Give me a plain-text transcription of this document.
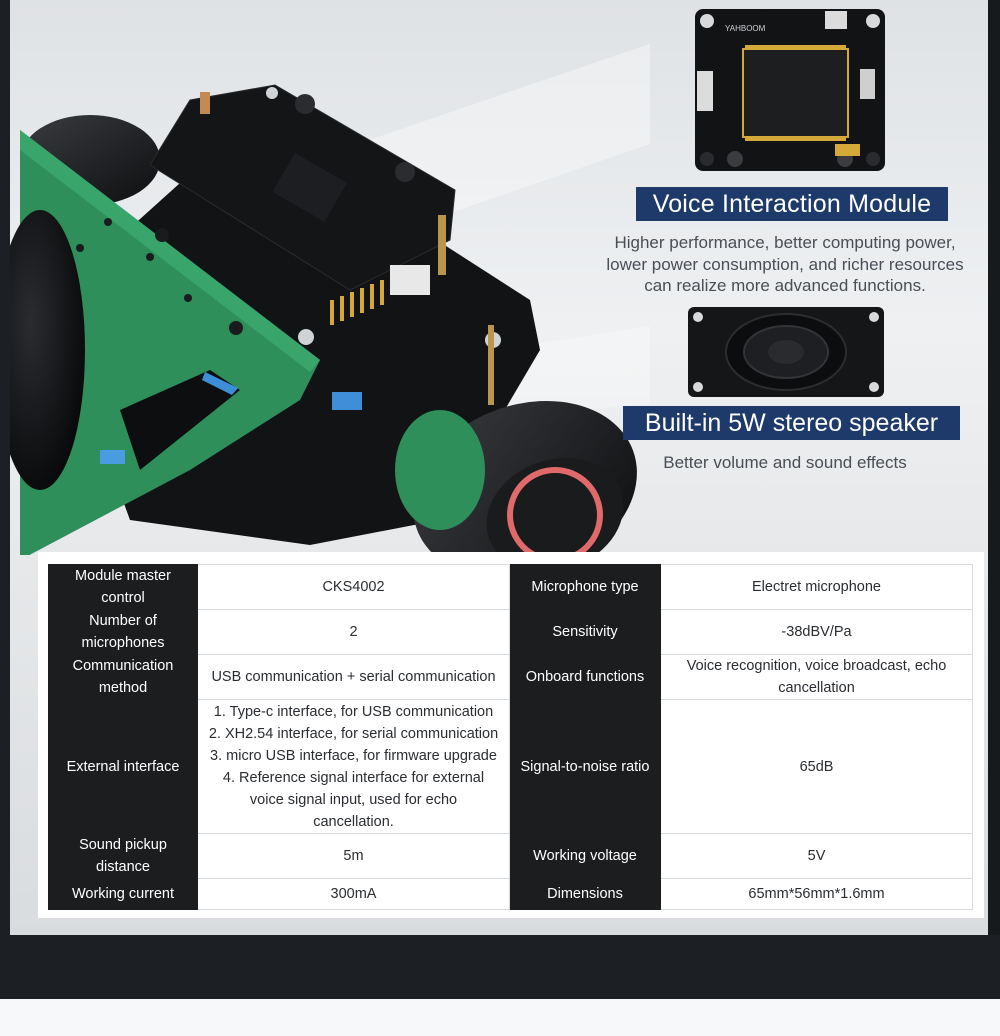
YAHBOOM
Voice Interaction Module
Higher performance, better computing power,
lower power consumption, and richer resources
can realize more advanced functions.
Built-in 5W stereo speaker
Better volume and sound effects
Module master control	CKS4002	Microphone type	Electret microphone
Number of microphones	2	Sensitivity	-38dBV/Pa
Communication method	USB communication + serial communication	Onboard functions	Voice recognition, voice broadcast, echo cancellation
External interface	1. Type-c interface, for USB communication
2. XH2.54 interface, for serial communication
3. micro USB interface, for firmware upgrade
4. Reference signal interface for external voice signal input, used for echo cancellation.	Signal-to-noise ratio	65dB
Sound pickup distance	5m	Working voltage	5V
Working current	300mA	Dimensions	65mm*56mm*1.6mm
